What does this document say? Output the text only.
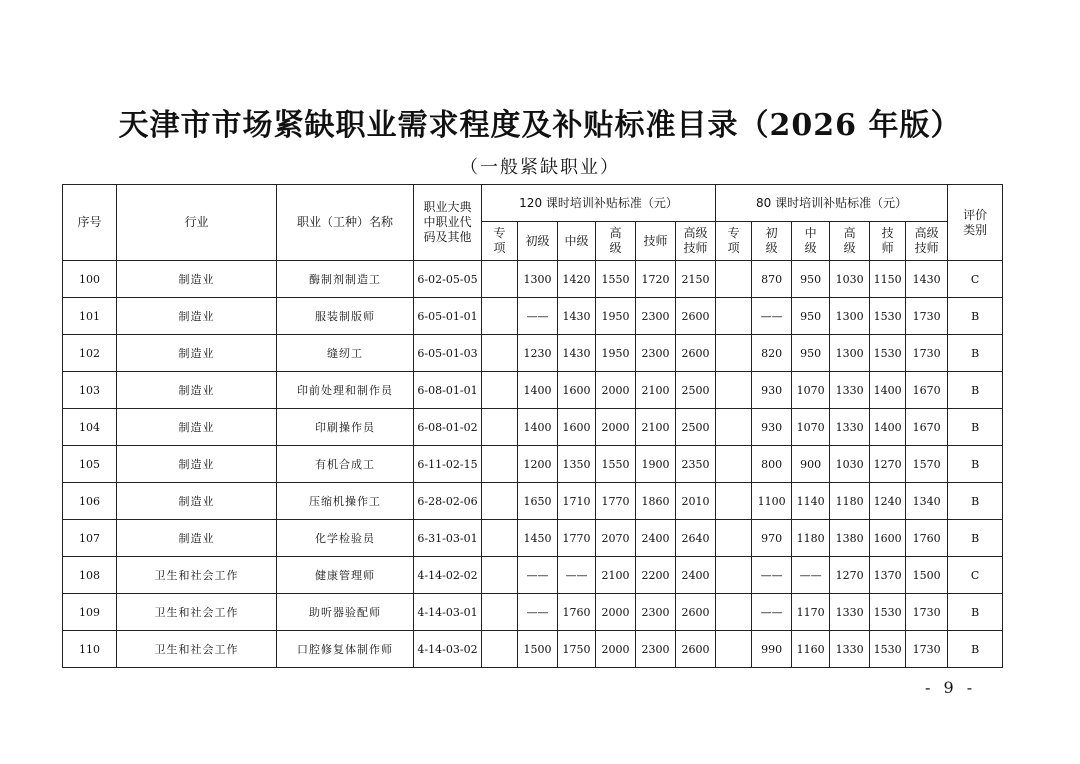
天津市市场紧缺职业需求程度及补贴标准目录（2026 年版）
（一般紧缺职业）
序号	行业	职业（工种）名称	职业大典中职业代码及其他	120 课时培训补贴标准（元）						80 课时培训补贴标准（元）						评价类别
				专项	初级	中级	高级	技师	高级技师	专项	初级	中级	高级	技师	高级技师	
100	制造业	酶制剂制造工	6-02-05-05		1300	1420	1550	1720	2150		870	950	1030	1150	1430	C
101	制造业	服装制版师	6-05-01-01		——	1430	1950	2300	2600		——	950	1300	1530	1730	B
102	制造业	缝纫工	6-05-01-03		1230	1430	1950	2300	2600		820	950	1300	1530	1730	B
103	制造业	印前处理和制作员	6-08-01-01		1400	1600	2000	2100	2500		930	1070	1330	1400	1670	B
104	制造业	印刷操作员	6-08-01-02		1400	1600	2000	2100	2500		930	1070	1330	1400	1670	B
105	制造业	有机合成工	6-11-02-15		1200	1350	1550	1900	2350		800	900	1030	1270	1570	B
106	制造业	压缩机操作工	6-28-02-06		1650	1710	1770	1860	2010		1100	1140	1180	1240	1340	B
107	制造业	化学检验员	6-31-03-01		1450	1770	2070	2400	2640		970	1180	1380	1600	1760	B
108	卫生和社会工作	健康管理师	4-14-02-02		——	——	2100	2200	2400		——	——	1270	1370	1500	C
109	卫生和社会工作	助听器验配师	4-14-03-01		——	1760	2000	2300	2600		——	1170	1330	1530	1730	B
110	卫生和社会工作	口腔修复体制作师	4-14-03-02		1500	1750	2000	2300	2600		990	1160	1330	1530	1730	B
- 9 -
